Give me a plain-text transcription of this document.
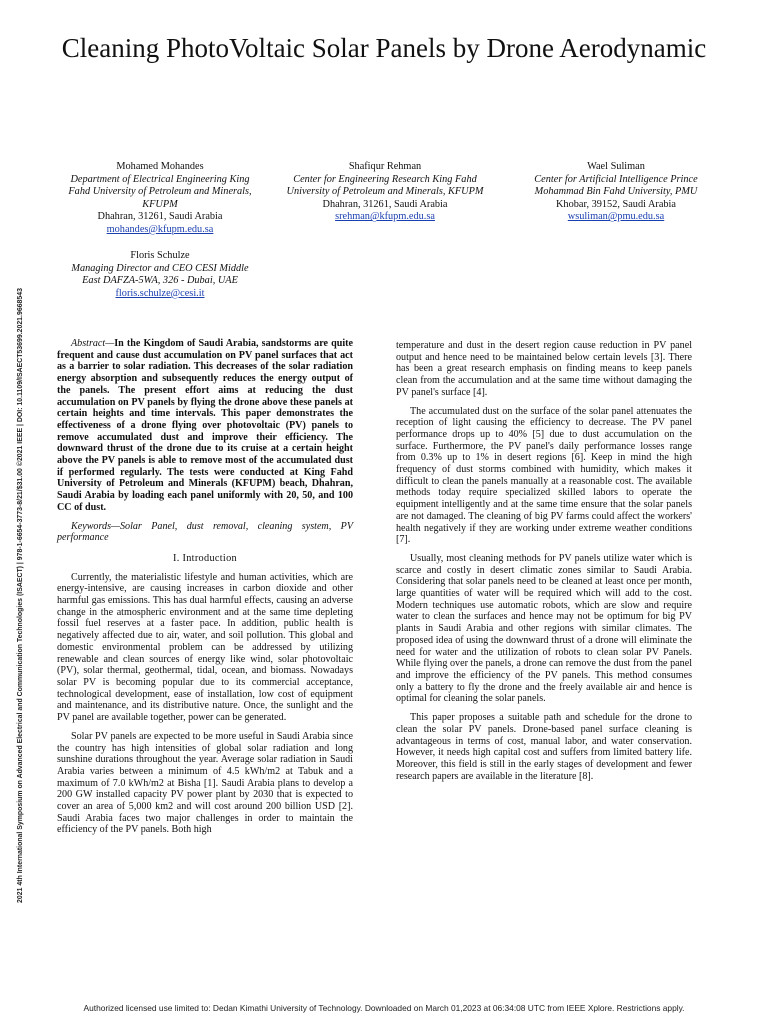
2021 4th International Symposium on Advanced Electrical and Communication Technologies (ISAECT) | 978-1-6654-3773-8/21/$31.00 ©2021 IEEE | DOI: 10.1109/ISAECT53699.2021.9668543
Cleaning PhotoVoltaic Solar Panels by Drone Aerodynamic
Mohamed Mohandes
Department of Electrical Engineering King Fahd University of Petroleum and Minerals, KFUPM
Dhahran, 31261, Saudi Arabia
mohandes@kfupm.edu.sa
Shafiqur Rehman
Center for Engineering Research King Fahd University of Petroleum and Minerals, KFUPM
Dhahran, 31261, Saudi Arabia
srehman@kfupm.edu.sa
Wael Suliman
Center for Artificial Intelligence Prince Mohammad Bin Fahd University, PMU
Khobar, 39152, Saudi Arabia
wsuliman@pmu.edu.sa
Floris Schulze
Managing Director and CEO CESI Middle East DAFZA-5WA, 326 - Dubai, UAE
floris.schulze@cesi.it

Abstract—In the Kingdom of Saudi Arabia, sandstorms are quite frequent and cause dust accumulation on PV panel surfaces that act as a barrier to solar radiation. This decreases of the solar radiation energy absorption and subsequently reduces the energy output of the panels. The present effort aims at reducing the dust accumulation on PV panels by flying the drone above these panels at certain heights and time intervals. This paper demonstrates the effectiveness of a drone flying over photovoltaic (PV) panels to remove accumulated dust and improve their efficiency. The downward thrust of the drone due to its cruise at a certain height above the PV panels is able to remove most of the accumulated dust if performed regularly. The tests were conducted at King Fahd University of Petroleum and Minerals (KFUPM) beach, Dhahran, Saudi Arabia by loading each panel uniformly with 20, 50, and 100 CC of dust.

Keywords—Solar Panel, dust removal, cleaning system, PV performance

I. Introduction

Currently, the materialistic lifestyle and human activities, which are energy-intensive, are causing increases in carbon dioxide and other harmful gas emissions. This has dual harmful effects, causing an adverse change in the atmospheric environment and at the same time depleting fossil fuel reserves at a faster pace. In addition, public health is negatively affected due to air, water, and soil pollution. This global and domestic environmental problem can be addressed by utilizing renewable and clean sources of energy like wind, solar photovoltaic (PV), solar thermal, geothermal, tidal, ocean, and biomass. Nowadays solar PV is becoming popular due to its commercial acceptance, technological development, ease of installation, low cost of equipment and maintenance, and its distributive nature. Once, the sunlight and the PV panel are available together, power can be generated.

Solar PV panels are expected to be more useful in Saudi Arabia since the country has high intensities of global solar radiation and long sunshine durations throughout the year. Average solar radiation in Saudi Arabia varies between a minimum of 4.5 kWh/m2 at Tabuk and a maximum of 7.0 kWh/m2 at Bisha [1]. Saudi Arabia plans to develop a 200 GW installed capacity PV power plant by 2030 that is expected to cover an area of 5,000 km2 and will cost around 200 billion USD [2]. Saudi Arabia faces two major challenges in order to maintain the efficiency of the PV panels. Both high

temperature and dust in the desert region cause reduction in PV panel output and hence need to be maintained below certain levels [3]. There has been a great research emphasis on finding means to keep panels clean from the accumulation and at the same time without damaging the PV panel's surface [4].

The accumulated dust on the surface of the solar panel attenuates the reception of light causing the efficiency to decrease. The PV panel performance drops up to 40% [5] due to dust accumulation on the surface. Furthermore, the PV panel's daily performance losses range from 0.3% up to 1% in desert regions [6]. Keep in mind the high frequency of dust storms combined with humidity, which makes it difficult to clean the panels manually at a reasonable cost. The available methods today require specialized skilled labors to operate the equipment intelligently and at the same time ensure that the solar panels are not damaged. The cleaning of big PV farms could affect the workers' health negatively if they are working under extreme weather conditions [7].

Usually, most cleaning methods for PV panels utilize water which is scarce and costly in desert climatic zones similar to Saudi Arabia. Considering that solar panels need to be cleaned at least once per month, large quantities of water will be required which will add to the cost. Modern techniques use automatic robots, which are slow and require water to clean the surfaces and hence may not be optimum for big PV plants in Saudi Arabia and other regions with similar climates. The proposed idea of using the downward thrust of a drone will eliminate the need for water and the utilization of robots to clean solar PV Panels. While flying over the panels, a drone can remove the dust from the panel and improve the efficiency of the PV panels. This method consumes only a battery to fly the drone and the freely available air and hence is optimal for cleaning the solar panels.

This paper proposes a suitable path and schedule for the drone to clean the solar PV panels. Drone-based panel surface cleaning is advantageous in terms of cost, manual labor, and water conservation. However, it needs high capital cost and suffers from limited battery life. Moreover, this field is still in the early stages of development and fewer research papers are available in the literature [8].

Authorized licensed use limited to: Dedan Kimathi University of Technology. Downloaded on March 01,2023 at 06:34:08 UTC from IEEE Xplore. Restrictions apply.
